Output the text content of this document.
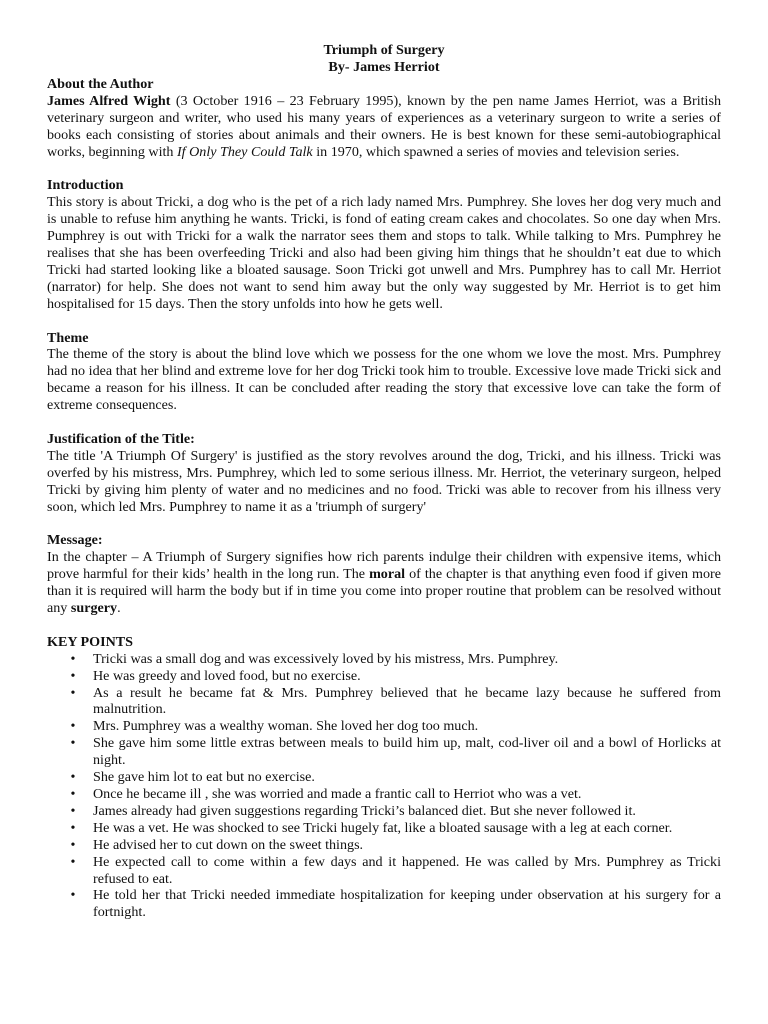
Triumph of Surgery
By- James Herriot
About the Author

James Alfred Wight (3 October 1916 – 23 February 1995), known by the pen name James Herriot, was a British veterinary surgeon and writer, who used his many years of experiences as a veterinary surgeon to write a series of books each consisting of stories about animals and their owners. He is best known for these semi-autobiographical works, beginning with If Only They Could Talk in 1970, which spawned a series of movies and television series.

Introduction

This story is about Tricki, a dog who is the pet of a rich lady named Mrs. Pumphrey. She loves her dog very much and is unable to refuse him anything he wants. Tricki, is fond of eating cream cakes and chocolates. So one day when Mrs. Pumphrey is out with Tricki for a walk the narrator sees them and stops to talk. While talking to Mrs. Pumphrey he realises that she has been overfeeding Tricki and also had been giving him things that he shouldn’t eat due to which Tricki had started looking like a bloated sausage. Soon Tricki got unwell and Mrs. Pumphrey has to call Mr. Herriot (narrator) for help. She does not want to send him away but the only way suggested by Mr. Herriot is to get him hospitalised for 15 days. Then the story unfolds into how he gets well.

Theme

The theme of the story is about the blind love which we possess for the one whom we love the most. Mrs. Pumphrey had no idea that her blind and extreme love for her dog Tricki took him to trouble. Excessive love made Tricki sick and became a reason for his illness. It can be concluded after reading the story that excessive love can take the form of extreme consequences.

Justification of the Title:

The title 'A Triumph Of Surgery' is justified as the story revolves around the dog, Tricki, and his illness. Tricki was overfed by his mistress, Mrs. Pumphrey, which led to some serious illness. Mr. Herriot, the veterinary surgeon, helped Tricki by giving him plenty of water and no medicines and no food. Tricki was able to recover from his illness very soon, which led Mrs. Pumphrey to name it as a 'triumph of surgery'

Message:

In the chapter – A Triumph of Surgery signifies how rich parents indulge their children with expensive items, which prove harmful for their kids’ health in the long run. The moral of the chapter is that anything even food if given more than it is required will harm the body but if in time you come into proper routine that problem can be resolved without any surgery.

KEY POINTS
• Tricki was a small dog and was excessively loved by his mistress, Mrs. Pumphrey.
• He was greedy and loved food, but no exercise.
• As a result he became fat & Mrs. Pumphrey believed that he became lazy because he suffered from malnutrition.
• Mrs. Pumphrey was a wealthy woman. She loved her dog too much.
• She gave him some little extras between meals to build him up, malt, cod-liver oil and a bowl of Horlicks at night.
• She gave him lot to eat but no exercise.
• Once he became ill , she was worried and made a frantic call to Herriot who was a vet.
• James already had given suggestions regarding Tricki’s balanced diet. But she never followed it.
• He was a vet. He was shocked to see Tricki hugely fat, like a bloated sausage with a leg at each corner.
• He advised her to cut down on the sweet things.
• He expected call to come within a few days and it happened. He was called by Mrs. Pumphrey as Tricki refused to eat.
• He told her that Tricki needed immediate hospitalization for keeping under observation at his surgery for a fortnight.
